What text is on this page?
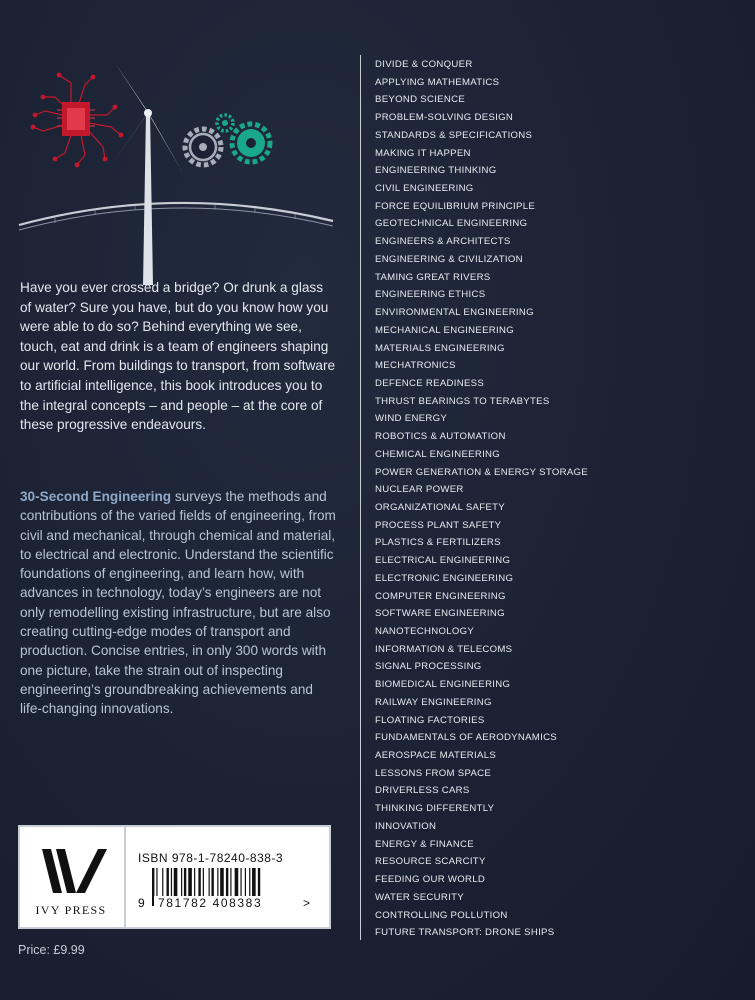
Have you ever crossed a bridge? Or drunk a glass of water? Sure you have, but do you know how you were able to do so? Behind everything we see, touch, eat and drink is a team of engineers shaping our world. From buildings to transport, from software to artificial intelligence, this book introduces you to the integral concepts – and people – at the core of these progressive endeavours.

30-Second Engineering surveys the methods and contributions of the varied fields of engineering, from civil and mechanical, through chemical and material, to electrical and electronic. Understand the scientific foundations of engineering, and learn how, with advances in technology, today’s engineers are not only remodelling existing infrastructure, but are also creating cutting-edge modes of transport and production. Concise entries, in only 300 words with one picture, take the strain out of inspecting engineering’s groundbreaking achievements and life-changing innovations.

DIVIDE & CONQUER
APPLYING MATHEMATICS
BEYOND SCIENCE
PROBLEM-SOLVING DESIGN
STANDARDS & SPECIFICATIONS
MAKING IT HAPPEN
ENGINEERING THINKING
CIVIL ENGINEERING
FORCE EQUILIBRIUM PRINCIPLE
GEOTECHNICAL ENGINEERING
ENGINEERS & ARCHITECTS
ENGINEERING & CIVILIZATION
TAMING GREAT RIVERS
ENGINEERING ETHICS
ENVIRONMENTAL ENGINEERING
MECHANICAL ENGINEERING
MATERIALS ENGINEERING
MECHATRONICS
DEFENCE READINESS
THRUST BEARINGS TO TERABYTES
WIND ENERGY
ROBOTICS & AUTOMATION
CHEMICAL ENGINEERING
POWER GENERATION & ENERGY STORAGE
NUCLEAR POWER
ORGANIZATIONAL SAFETY
PROCESS PLANT SAFETY
PLASTICS & FERTILIZERS
ELECTRICAL ENGINEERING
ELECTRONIC ENGINEERING
COMPUTER ENGINEERING
SOFTWARE ENGINEERING
NANOTECHNOLOGY
INFORMATION & TELECOMS
SIGNAL PROCESSING
BIOMEDICAL ENGINEERING
RAILWAY ENGINEERING
FLOATING FACTORIES
FUNDAMENTALS OF AERODYNAMICS
AEROSPACE MATERIALS
LESSONS FROM SPACE
DRIVERLESS CARS
THINKING DIFFERENTLY
INNOVATION
ENERGY & FINANCE
RESOURCE SCARCITY
FEEDING OUR WORLD
WATER SECURITY
CONTROLLING POLLUTION
FUTURE TRANSPORT: DRONE SHIPS
IVY PRESS
ISBN 978-1-78240-838-3
9	781782 408383	>
Price: £9.99
